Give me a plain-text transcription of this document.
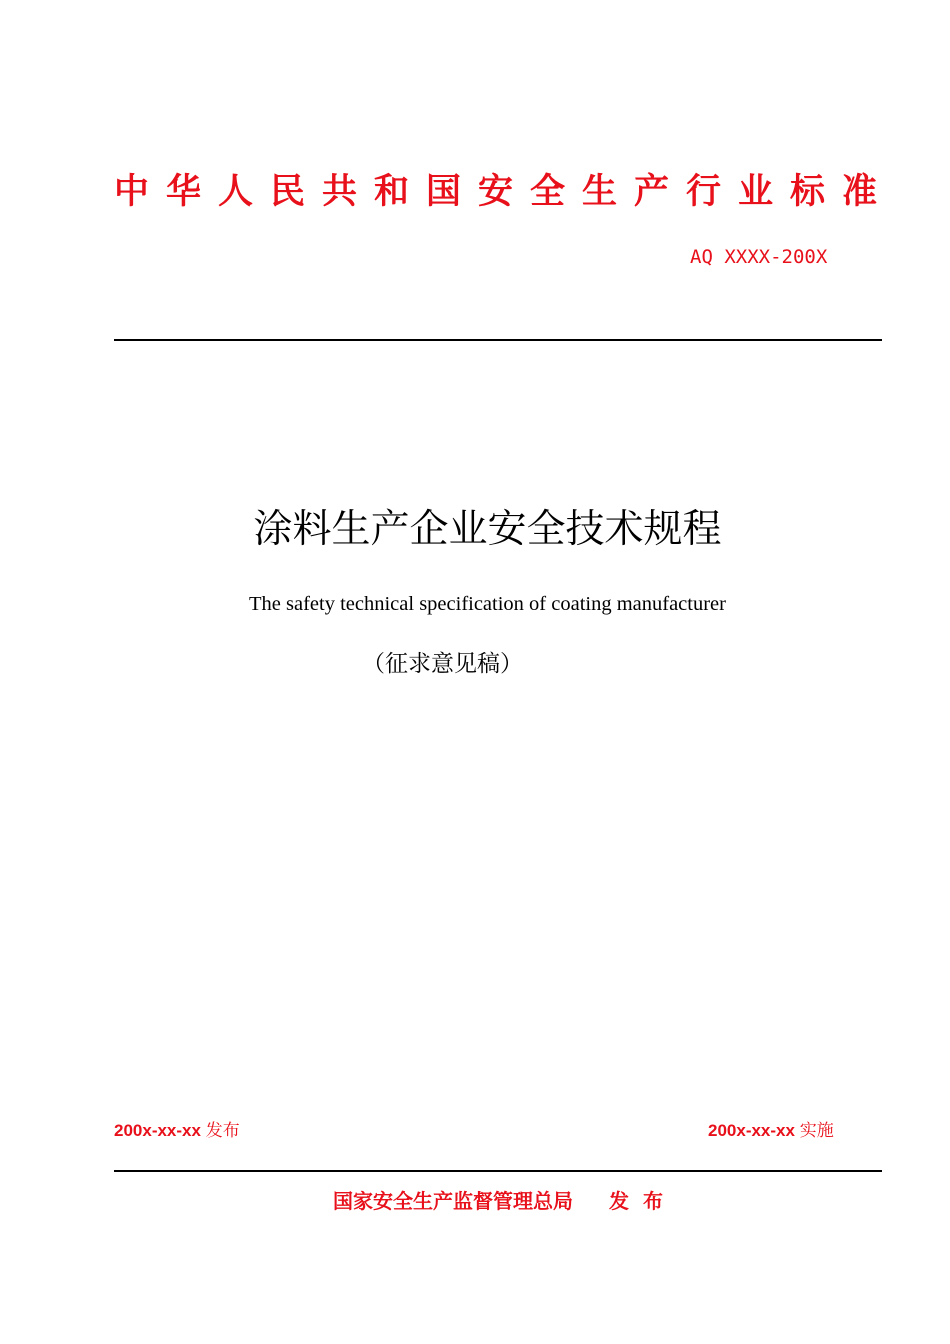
中华人民共和国安全生产行业标准
AQ XXXX-200X
涂料生产企业安全技术规程
The safety technical specification of coating manufacturer
（征求意见稿）
200x-xx-xx 发布	200x-xx-xx 实施
国家安全生产监督管理总局 发  布
